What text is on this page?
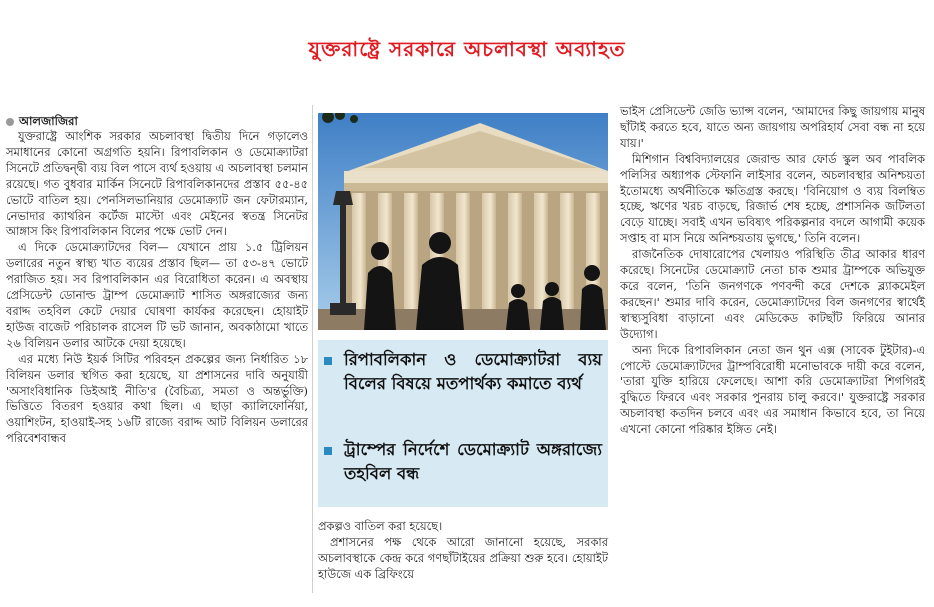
যুক্তরাষ্ট্রে সরকারে অচলাবস্থা অব্যাহত
আলজাজিরা

যুক্তরাষ্ট্রে আংশিক সরকার অচলাবস্থা দ্বিতীয় দিনে গড়ালেও সমাধানের কোনো অগ্রগতি হয়নি। রিপাবলিকান ও ডেমোক্র্যাটরা সিনেটে প্রতিদ্বন্দ্বী ব্যয় বিল পাসে ব্যর্থ হওয়ায় এ অচলাবস্থা চলমান রয়েছে। গত বুধবার মার্কিন সিনেটে রিপাবলিকানদের প্রস্তাব ৫৫-৪৫ ভোটে বাতিল হয়। পেনসিলভানিয়ার ডেমোক্র্যাট জন ফেটারম্যান, নেভাদার ক্যাথরিন কর্টেজ মাস্টো এবং মেইনের স্বতন্ত্র সিনেটর আঙ্গাস কিং রিপাবলিকান বিলের পক্ষে ভোট দেন।

এ দিকে ডেমোক্র্যাটদের বিল— যেখানে প্রায় ১.৫ ট্রিলিয়ন ডলারের নতুন স্বাস্থ্য খাত ব্যয়ের প্রস্তাব ছিল— তা ৫৩-৪৭ ভোটে পরাজিত হয়। সব রিপাবলিকান এর বিরোধিতা করেন। এ অবস্থায় প্রেসিডেন্ট ডোনাল্ড ট্রাম্প ডেমোক্র্যাট শাসিত অঙ্গরাজ্যের জন্য বরাদ্দ তহবিল কেটে দেয়ার ঘোষণা কার্যকর করেছেন। হোয়াইট হাউজ বাজেট পরিচালক রাসেল টি ভট জানান, অবকাঠামো খাতে ২৬ বিলিয়ন ডলার আটকে দেয়া হয়েছে।

এর মধ্যে নিউ ইয়র্ক সিটির পরিবহন প্রকল্পের জন্য নির্ধারিত ১৮ বিলিয়ন ডলার স্থগিত করা হয়েছে, যা প্রশাসনের দাবি অনুযায়ী 'অসাংবিধানিক ডিইআই নীতি'র (বৈচিত্র্য, সমতা ও অন্তর্ভুক্তি) ভিত্তিতে বিতরণ হওয়ার কথা ছিল। এ ছাড়া ক্যালিফোর্নিয়া, ওয়াশিংটন, হাওয়াই-সহ ১৬টি রাজ্যে বরাদ্দ আট বিলিয়ন ডলারের পরিবেশবান্ধব

রিপাবলিকান ও ডেমোক্র্যাটরা ব্যয় বিলের বিষয়ে মতপার্থক্য কমাতে ব্যর্থ
ট্রাম্পের নির্দেশে ডেমোক্র্যাট অঙ্গরাজ্যে তহবিল বন্ধ

প্রকল্পও বাতিল করা হয়েছে।

প্রশাসনের পক্ষ থেকে আরো জানানো হয়েছে, সরকার অচলাবস্থাকে কেন্দ্র করে গণছাঁটাইয়ের প্রক্রিয়া শুরু হবে। হোয়াইট হাউজে এক ব্রিফিংয়ে

ভাইস প্রেসিডেন্ট জেডি ভ্যান্স বলেন, 'আমাদের কিছু জায়গায় মানুষ ছাঁটাই করতে হবে, যাতে অন্য জায়গায় অপরিহার্য সেবা বন্ধ না হয়ে যায়।'

মিশিগান বিশ্ববিদ্যালয়ের জেরাল্ড আর ফোর্ড স্কুল অব পাবলিক পলিসির অধ্যাপক স্টেফানি লাইসার বলেন, অচলাবস্থার অনিশ্চয়তা ইতোমধ্যে অর্থনীতিকে ক্ষতিগ্রস্ত করছে। 'বিনিয়োগ ও ব্যয় বিলম্বিত হচ্ছে, ঋণের খরচ বাড়ছে, রিজার্ভ শেষ হচ্ছে, প্রশাসনিক জটিলতা বেড়ে যাচ্ছে। সবাই এখন ভবিষ্যৎ পরিকল্পনার বদলে আগামী কয়েক সপ্তাহ বা মাস নিয়ে অনিশ্চয়তায় ভুগছে,' তিনি বলেন।

রাজনৈতিক দোষারোপের খেলায়ও পরিস্থিতি তীব্র আকার ধারণ করেছে। সিনেটের ডেমোক্র্যাট নেতা চাক শুমার ট্রাম্পকে অভিযুক্ত করে বলেন, 'তিনি জনগণকে পণবন্দী করে দেশকে ব্ল্যাকমেইল করছেন।' শুমার দাবি করেন, ডেমোক্র্যাটদের বিল জনগণের স্বার্থেই স্বাস্থ্যসুবিধা বাড়ানো এবং মেডিকেড কাটছাঁট ফিরিয়ে আনার উদ্যোগ।

অন্য দিকে রিপাবলিকান নেতা জন থুন এক্স (সাবেক টুইটার)-এ পোস্টে ডেমোক্র্যাটদের ট্রাম্পবিরোধী মনোভাবকে দায়ী করে বলেন, 'তারা যুক্তি হারিয়ে ফেলেছে। আশা করি ডেমোক্র্যাটরা শিগগিরই বুদ্ধিতে ফিরবে এবং সরকার পুনরায় চালু করবে।' যুক্তরাষ্ট্রে সরকার অচলাবস্থা কতদিন চলবে এবং এর সমাধান কিভাবে হবে, তা নিয়ে এখনো কোনো পরিষ্কার ইঙ্গিত নেই।
